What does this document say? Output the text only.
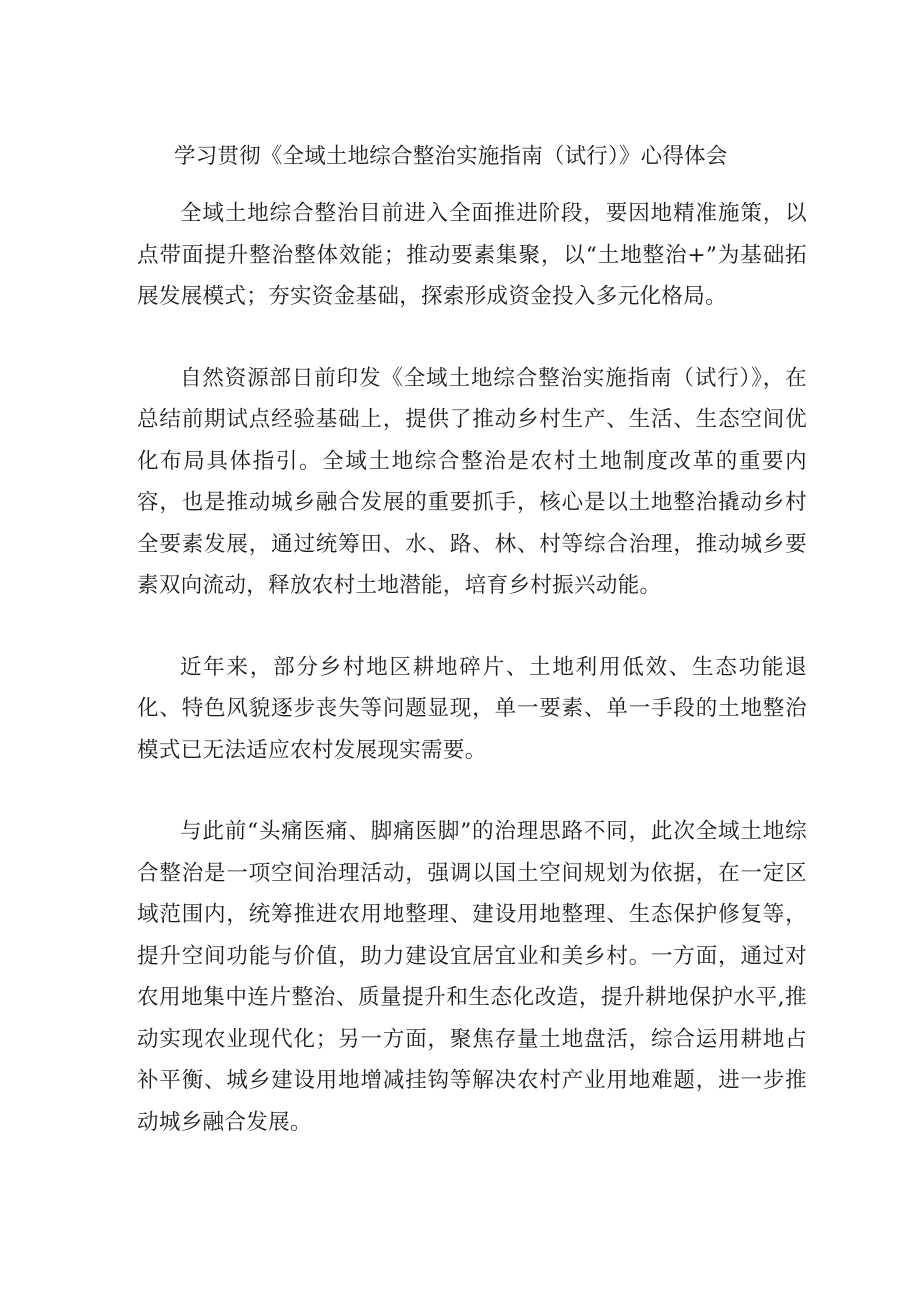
学习贯彻《全域土地综合整治实施指南（试行）》心得体会

全域土地综合整治目前进入全面推进阶段，要因地精准施策，以点带面提升整治整体效能；推动要素集聚，以“土地整治+”为基础拓展发展模式；夯实资金基础，探索形成资金投入多元化格局。

自然资源部日前印发《全域土地综合整治实施指南（试行）》，在总结前期试点经验基础上，提供了推动乡村生产、生活、生态空间优化布局具体指引。全域土地综合整治是农村土地制度改革的重要内容，也是推动城乡融合发展的重要抓手，核心是以土地整治撬动乡村全要素发展，通过统筹田、水、路、林、村等综合治理，推动城乡要素双向流动，释放农村土地潜能，培育乡村振兴动能。

近年来，部分乡村地区耕地碎片、土地利用低效、生态功能退化、特色风貌逐步丧失等问题显现，单一要素、单一手段的土地整治模式已无法适应农村发展现实需要。

与此前“头痛医痛、脚痛医脚”的治理思路不同，此次全域土地综合整治是一项空间治理活动，强调以国土空间规划为依据，在一定区域范围内，统筹推进农用地整理、建设用地整理、生态保护修复等，提升空间功能与价值，助力建设宜居宜业和美乡村。一方面，通过对农用地集中连片整治、质量提升和生态化改造，提升耕地保护水平,推动实现农业现代化；另一方面，聚焦存量土地盘活，综合运用耕地占补平衡、城乡建设用地增减挂钩等解决农村产业用地难题，进一步推动城乡融合发展。
